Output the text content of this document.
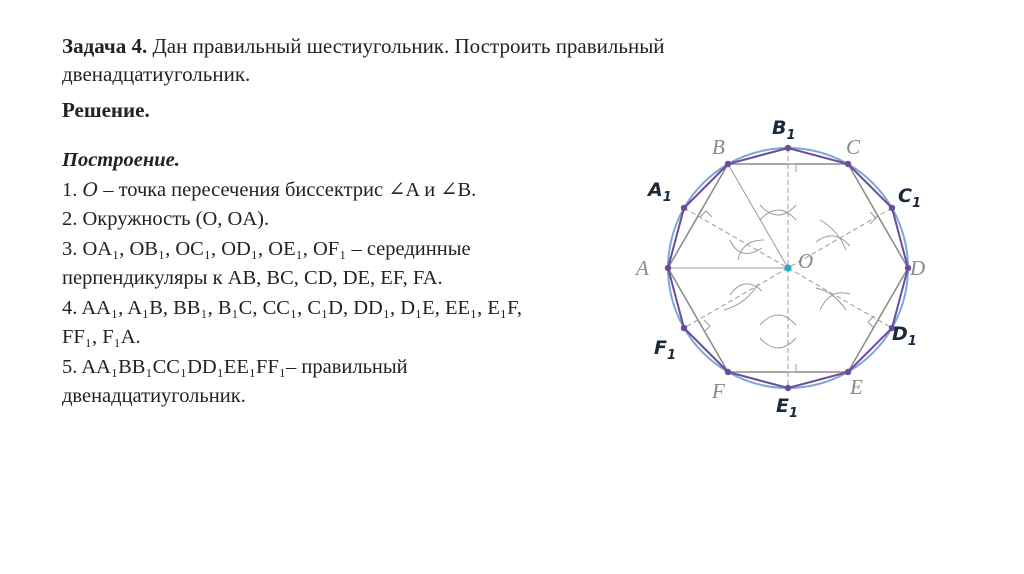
Задача 4. Дан правильный шестиугольник. Построить правильный двенадцатиугольник.
Решение.

Построение.

1. O – точка пересечения биссектрис ∠A и ∠B.

2. Окружность (O, OA).

3. OA₁, OB₁, OC₁, OD₁, OE₁, OF₁ – серединные

перпендикуляры к AB, BC, CD, DE, EF, FA.

4. AA₁, A₁B, BB₁, B₁C, CC₁, C₁D, DD₁, D₁E, EE₁, E₁F,

FF₁, F₁A.

5. AA₁BB₁CC₁DD₁EE₁FF₁– правильный

двенадцатиугольник.

A
B	C
D
E
F
O
$A_1$
$B_1$
$C_1$
$D_1$
$E_1$
$F_1$
